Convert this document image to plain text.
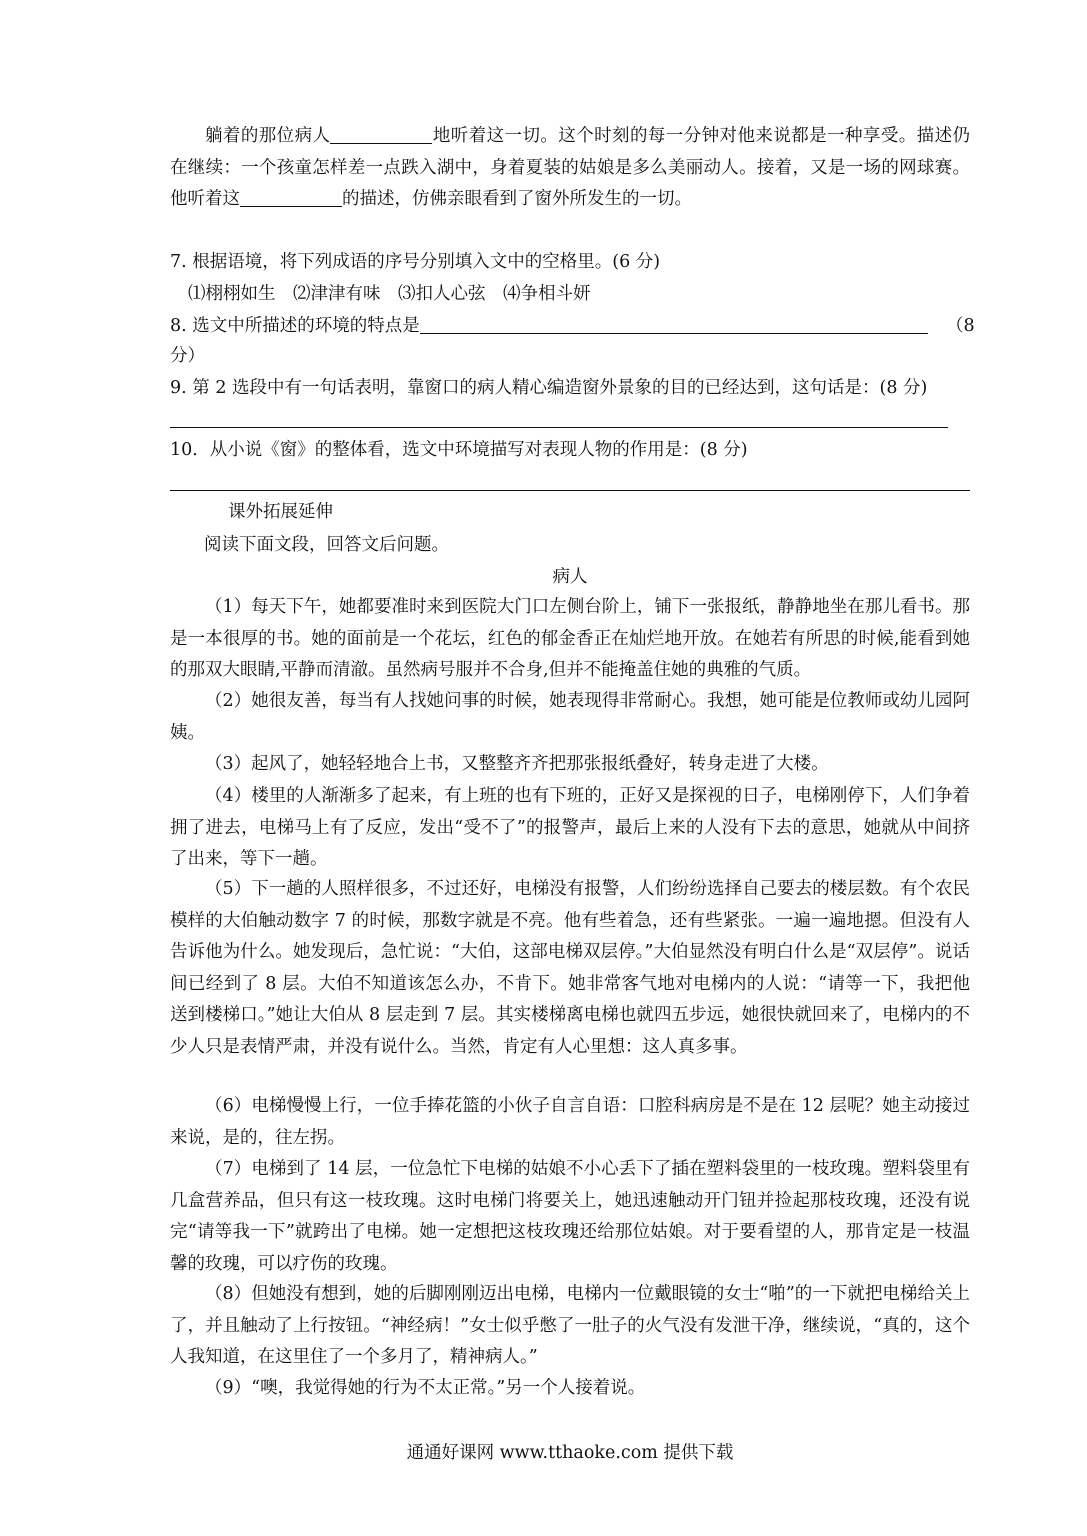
躺着的那位病人	地听着这一切。这个时刻的每一分钟对他来说都是一种享受。描述仍在继续：一个孩童怎样差一点跌入湖中，身着夏装的姑娘是多么美丽动人。接着，又是一场的网球赛。他听着这	的描述，仿佛亲眼看到了窗外所发生的一切。

7. 根据语境，将下列成语的序号分别填入文中的空格里。(6 分)

⑴栩栩如生　⑵津津有味　⑶扣人心弦　⑷争相斗妍

8. 选文中所描述的环境的特点是	（8

分）

9. 第 2 选段中有一句话表明，靠窗口的病人精心编造窗外景象的目的已经达到，这句话是：(8 分)

10．从小说《窗》的整体看，选文中环境描写对表现人物的作用是：(8 分)

课外拓展延伸

阅读下面文段，回答文后问题。

病人

（1）每天下午，她都要准时来到医院大门口左侧台阶上，铺下一张报纸，静静地坐在那儿看书。那是一本很厚的书。她的面前是一个花坛，红色的郁金香正在灿烂地开放。在她若有所思的时候,能看到她的那双大眼睛,平静而清澈。虽然病号服并不合身,但并不能掩盖住她的典雅的气质。

（2）她很友善，每当有人找她问事的时候，她表现得非常耐心。我想，她可能是位教师或幼儿园阿姨。

（3）起风了，她轻轻地合上书，又整整齐齐把那张报纸叠好，转身走进了大楼。

（4）楼里的人渐渐多了起来，有上班的也有下班的，正好又是探视的日子，电梯刚停下，人们争着拥了进去，电梯马上有了反应，发出“受不了”的报警声，最后上来的人没有下去的意思，她就从中间挤了出来，等下一趟。

（5）下一趟的人照样很多，不过还好，电梯没有报警，人们纷纷选择自己要去的楼层数。有个农民模样的大伯触动数字 7 的时候，那数字就是不亮。他有些着急，还有些紧张。一遍一遍地摁。但没有人告诉他为什么。她发现后，急忙说：“大伯，这部电梯双层停。”大伯显然没有明白什么是“双层停”。说话间已经到了 8 层。大伯不知道该怎么办，不肯下。她非常客气地对电梯内的人说：“请等一下，我把他送到楼梯口。”她让大伯从 8 层走到 7 层。其实楼梯离电梯也就四五步远，她很快就回来了，电梯内的不少人只是表情严肃，并没有说什么。当然，肯定有人心里想：这人真多事。

（6）电梯慢慢上行，一位手捧花篮的小伙子自言自语：口腔科病房是不是在 12 层呢？她主动接过来说，是的，往左拐。

（7）电梯到了 14 层，一位急忙下电梯的姑娘不小心丢下了插在塑料袋里的一枝玫瑰。塑料袋里有几盒营养品，但只有这一枝玫瑰。这时电梯门将要关上，她迅速触动开门钮并捡起那枝玫瑰，还没有说完“请等我一下”就跨出了电梯。她一定想把这枝玫瑰还给那位姑娘。对于要看望的人，那肯定是一枝温馨的玫瑰，可以疗伤的玫瑰。

（8）但她没有想到，她的后脚刚刚迈出电梯，电梯内一位戴眼镜的女士“啪”的一下就把电梯给关上了，并且触动了上行按钮。“神经病！”女士似乎憋了一肚子的火气没有发泄干净，继续说，“真的，这个人我知道，在这里住了一个多月了，精神病人。”

（9）“噢，我觉得她的行为不太正常。”另一个人接着说。

通通好课网 www.tthaoke.com 提供下载
